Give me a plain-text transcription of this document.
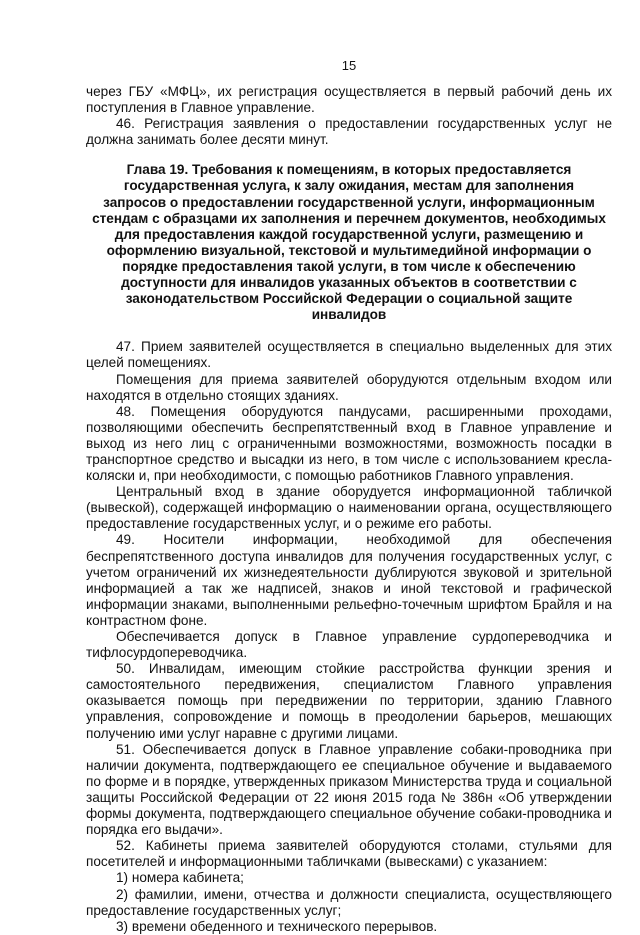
15

через ГБУ «МФЦ», их регистрация осуществляется в первый рабочий день их поступления в Главное управление.

46. Регистрация заявления о предоставлении государственных услуг не должна занимать более десяти минут.

Глава 19. Требования к помещениям, в которых предоставляется государственная услуга, к залу ожидания, местам для заполнения запросов о предоставлении государственной услуги, информационным стендам с образцами их заполнения и перечнем документов, необходимых для предоставления каждой государственной услуги, размещению и оформлению визуальной, текстовой и мультимедийной информации о порядке предоставления такой услуги, в том числе к обеспечению доступности для инвалидов указанных объектов в соответствии с законодательством Российской Федерации о социальной защите инвалидов

47. Прием заявителей осуществляется в специально выделенных для этих целей помещениях.

Помещения для приема заявителей оборудуются отдельным входом или находятся в отдельно стоящих зданиях.

48. Помещения оборудуются пандусами, расширенными проходами, позволяющими обеспечить беспрепятственный вход в Главное управление и выход из него лиц с ограниченными возможностями, возможность посадки в транспортное средство и высадки из него, в том числе с использованием кресла-коляски и, при необходимости, с помощью работников Главного управления.

Центральный вход в здание оборудуется информационной табличкой (вывеской), содержащей информацию о наименовании органа, осуществляющего предоставление государственных услуг, и о режиме его работы.

49. Носители информации, необходимой для обеспечения беспрепятственного доступа инвалидов для получения государственных услуг, с учетом ограничений их жизнедеятельности дублируются звуковой и зрительной информацией а так же надписей, знаков и иной текстовой и графической информации знаками, выполненными рельефно-точечным шрифтом Брайля и на контрастном фоне.

Обеспечивается допуск в Главное управление сурдопереводчика и тифлосурдопереводчика.

50. Инвалидам, имеющим стойкие расстройства функции зрения и самостоятельного передвижения, специалистом Главного управления оказывается помощь при передвижении по территории, зданию Главного управления, сопровождение и помощь в преодолении барьеров, мешающих получению ими услуг наравне с другими лицами.

51. Обеспечивается допуск в Главное управление собаки-проводника при наличии документа, подтверждающего ее специальное обучение и выдаваемого по форме и в порядке, утвержденных приказом Министерства труда и социальной защиты Российской Федерации от 22 июня 2015 года № 386н «Об утверждении формы документа, подтверждающего специальное обучение собаки-проводника и порядка его выдачи».

52. Кабинеты приема заявителей оборудуются столами, стульями для посетителей и информационными табличками (вывесками) с указанием:

1) номера кабинета;

2) фамилии, имени, отчества и должности специалиста, осуществляющего предоставление государственных услуг;

3) времени обеденного и технического перерывов.
